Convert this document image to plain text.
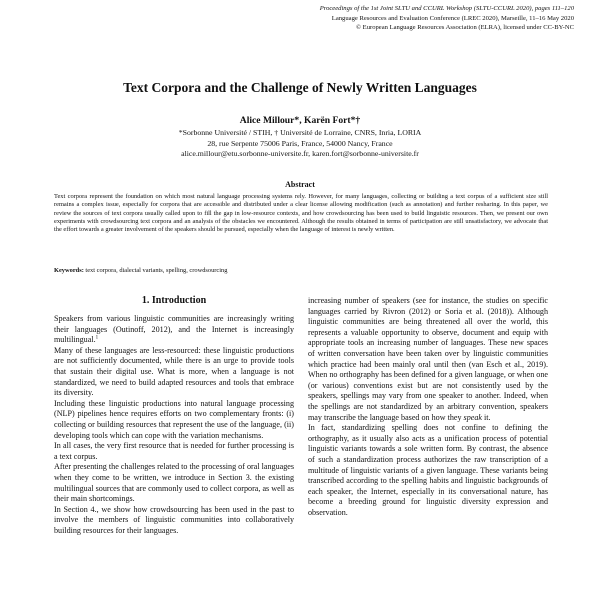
Proceedings of the 1st Joint SLTU and CCURL Workshop (SLTU-CCURL 2020), pages 111–120
Language Resources and Evaluation Conference (LREC 2020), Marseille, 11–16 May 2020
© European Language Resources Association (ELRA), licensed under CC-BY-NC
Text Corpora and the Challenge of Newly Written Languages
Alice Millour*, Karën Fort*†
*Sorbonne Université / STIH, † Université de Lorraine, CNRS, Inria, LORIA
28, rue Serpente 75006 Paris, France, 54000 Nancy, France
alice.millour@etu.sorbonne-universite.fr, karen.fort@sorbonne-universite.fr
Abstract
Text corpora represent the foundation on which most natural language processing systems rely. However, for many languages, collecting or building a text corpus of a sufficient size still remains a complex issue, especially for corpora that are accessible and distributed under a clear license allowing modification (such as annotation) and further resharing. In this paper, we review the sources of text corpora usually called upon to fill the gap in low-resource contexts, and how crowdsourcing has been used to build linguistic resources. Then, we present our own experiments with crowdsourcing text corpora and an analysis of the obstacles we encountered. Although the results obtained in terms of participation are still unsatisfactory, we advocate that the effort towards a greater involvement of the speakers should be pursued, especially when the language of interest is newly written.
Keywords: text corpora, dialectal variants, spelling, crowdsourcing
1. Introduction

Speakers from various linguistic communities are increasingly writing their languages (Outinoff, 2012), and the Internet is increasingly multilingual.$^1$

Many of these languages are less-resourced: these linguistic productions are not sufficiently documented, while there is an urge to provide tools that sustain their digital use. What is more, when a language is not standardized, we need to build adapted resources and tools that embrace its diversity.

Including these linguistic productions into natural language processing (NLP) pipelines hence requires efforts on two complementary fronts: (i) collecting or building resources that represent the use of the language, (ii) developing tools which can cope with the variation mechanisms.

In all cases, the very first resource that is needed for further processing is a text corpus.

After presenting the challenges related to the processing of oral languages when they come to be written, we introduce in Section 3. the existing multilingual sources that are commonly used to collect corpora, as well as their main shortcomings.

In Section 4., we show how crowdsourcing has been used in the past to involve the members of linguistic communities into collaboratively building resources for their languages.

increasing number of speakers (see for instance, the studies on specific languages carried by Rivron (2012) or Soria et al. (2018)). Although linguistic communities are being threatened all over the world, this represents a valuable opportunity to observe, document and equip with appropriate tools an increasing number of languages. These new spaces of written conversation have been taken over by linguistic communities which practice had been mainly oral until then (van Esch et al., 2019). When no orthography has been defined for a given language, or when one (or various) conventions exist but are not consistently used by the speakers, spellings may vary from one speaker to another. Indeed, when the spellings are not standardized by an arbitrary convention, speakers may transcribe the language based on how they speak it.

In fact, standardizing spelling does not confine to defining the orthography, as it usually also acts as a unification process of potential linguistic variants towards a sole written form. By contrast, the absence of such a standardization process authorizes the raw transcription of a multitude of linguistic variants of a given language. These variants being transcribed according to the spelling habits and linguistic backgrounds of each speaker, the Internet, especially in its conversational nature, has become a breeding ground for linguistic diversity expression and observation.
